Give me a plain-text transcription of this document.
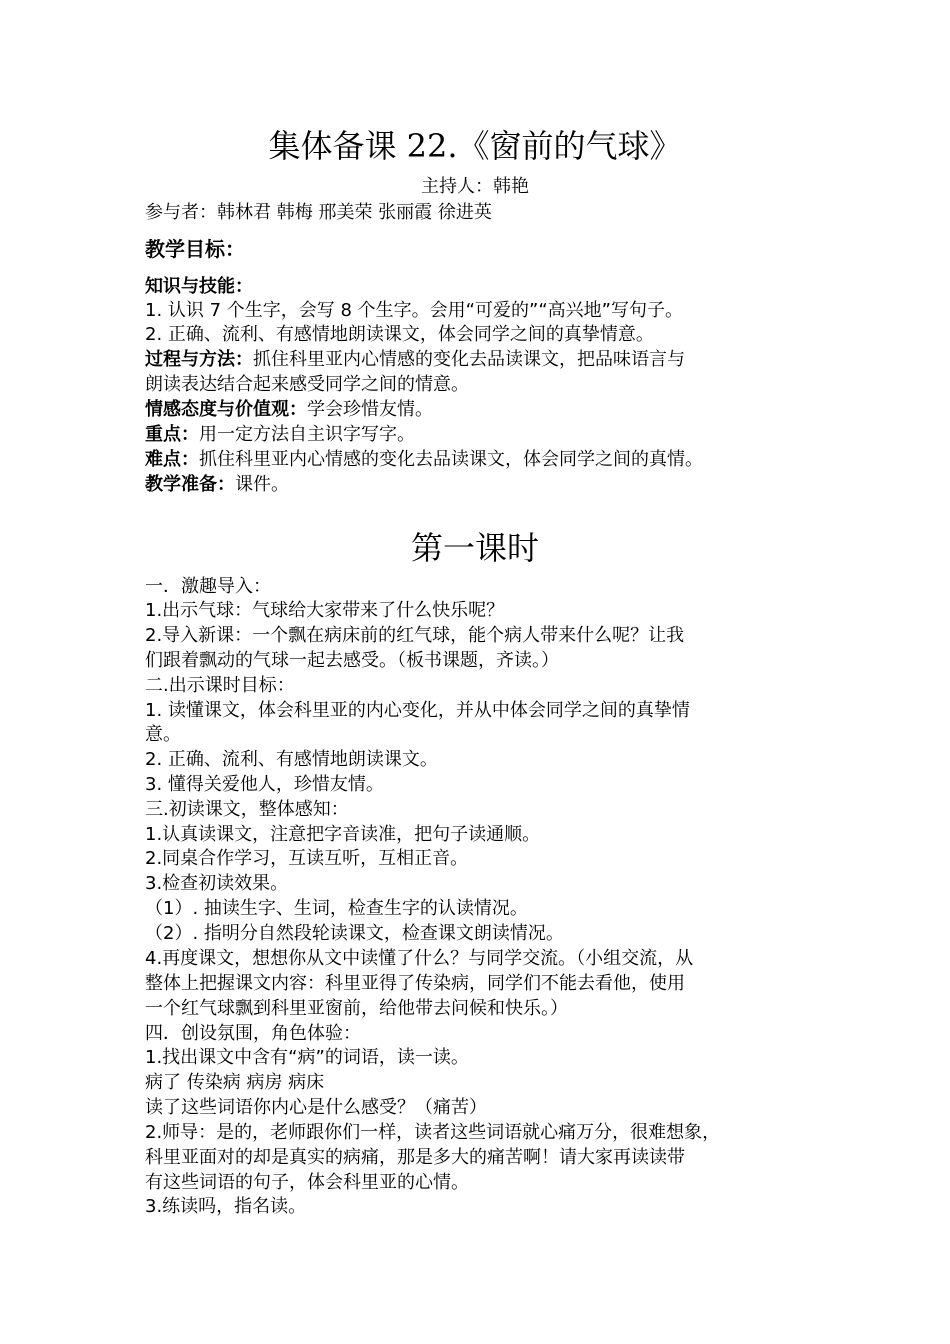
集体备课 22.《窗前的气球》
主持人：韩艳
参与者：韩林君 韩梅 邢美荣 张丽霞 徐进英
教学目标：
知识与技能：
1. 认识 7 个生字，会写 8 个生字。会用“可爱的”“高兴地”写句子。
2. 正确、流利、有感情地朗读课文，体会同学之间的真挚情意。
过程与方法：抓住科里亚内心情感的变化去品读课文，把品味语言与
朗读表达结合起来感受同学之间的情意。
情感态度与价值观：学会珍惜友情。
重点：用一定方法自主识字写字。
难点：抓住科里亚内心情感的变化去品读课文，体会同学之间的真情。
教学准备：课件。
第一课时
一．激趣导入：
1.出示气球：气球给大家带来了什么快乐呢？
2.导入新课：一个飘在病床前的红气球，能个病人带来什么呢？让我
们跟着飘动的气球一起去感受。（板书课题，齐读。）
二.出示课时目标：
1. 读懂课文，体会科里亚的内心变化，并从中体会同学之间的真挚情
意。
2. 正确、流利、有感情地朗读课文。
3. 懂得关爱他人，珍惜友情。
三.初读课文，整体感知：
1.认真读课文，注意把字音读准，把句子读通顺。
2.同桌合作学习，互读互听，互相正音。
3.检查初读效果。
（1）. 抽读生字、生词，检查生字的认读情况。
（2）. 指明分自然段轮读课文，检查课文朗读情况。
4.再度课文，想想你从文中读懂了什么？与同学交流。（小组交流，从
整体上把握课文内容：科里亚得了传染病，同学们不能去看他，使用
一个红气球飘到科里亚窗前，给他带去问候和快乐。）
四．创设氛围，角色体验：
1.找出课文中含有“病”的词语，读一读。
病了 传染病 病房 病床
读了这些词语你内心是什么感受？（痛苦）
2.师导：是的，老师跟你们一样，读者这些词语就心痛万分，很难想象，
科里亚面对的却是真实的病痛，那是多大的痛苦啊！请大家再读读带
有这些词语的句子，体会科里亚的心情。
3.练读吗，指名读。
